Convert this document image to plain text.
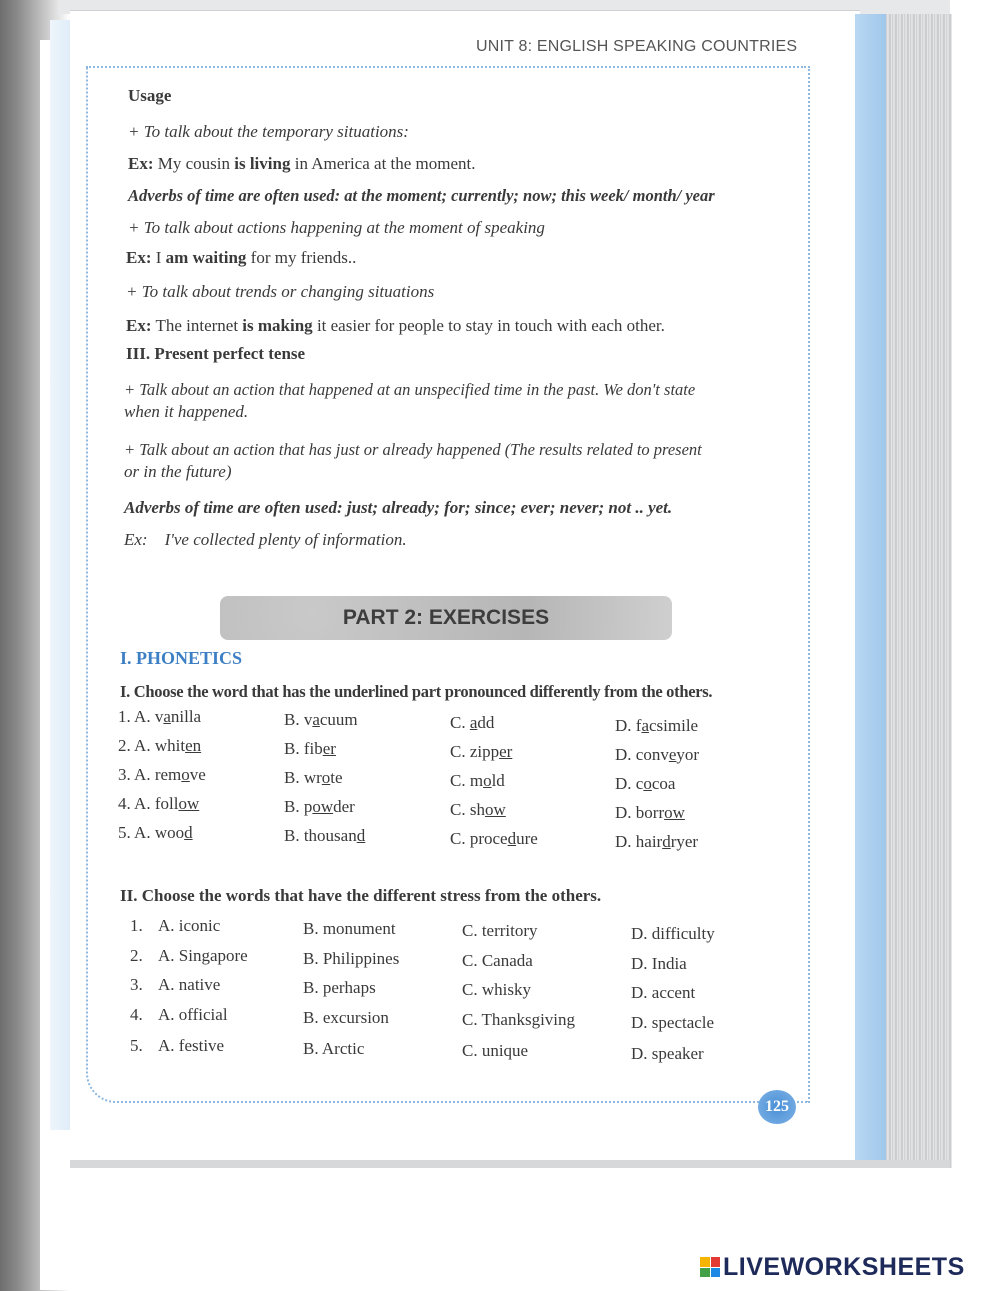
UNIT 8: ENGLISH SPEAKING COUNTRIES
Usage
+ To talk about the temporary situations:
Ex: My cousin is living in America at the moment.
Adverbs of time are often used: at the moment; currently; now; this week/ month/ year
+ To talk about actions happening at the moment of speaking
Ex: I am waiting for my friends..
+ To talk about trends or changing situations
Ex: The internet is making it easier for people to stay in touch with each other.
III. Present perfect tense
+ Talk about an action that happened at an unspecified time in the past. We don't state
when it happened.
+ Talk about an action that has just or already happened (The results related to present
or in the future)
Adverbs of time are often used: just; already; for; since; ever; never; not .. yet.
Ex: I've collected plenty of information.
PART 2: EXERCISES
I. PHONETICS
I. Choose the word that has the underlined part pronounced differently from the others.
1. A. vanilla	B. vacuum	C. add	D. facsimile
2. A. whiten	B. fiber	C. zipper	D. conveyor
3. A. remove	B. wrote	C. mold	D. cocoa
4. A. follow	B. powder	C. show	D. borrow
5. A. wood	B. thousand	C. procedure	D. hairdryer
II. Choose the words that have the different stress from the others.
1. A. iconic	B. monument	C. territory	D. difficulty
2. A. Singapore	B. Philippines	C. Canada	D. India
3. A. native	B. perhaps	C. whisky	D. accent
4. A. official	B. excursion	C. Thanksgiving	D. spectacle
5. A. festive	B. Arctic	C. unique	D. speaker
125
LIVEWORKSHEETS
